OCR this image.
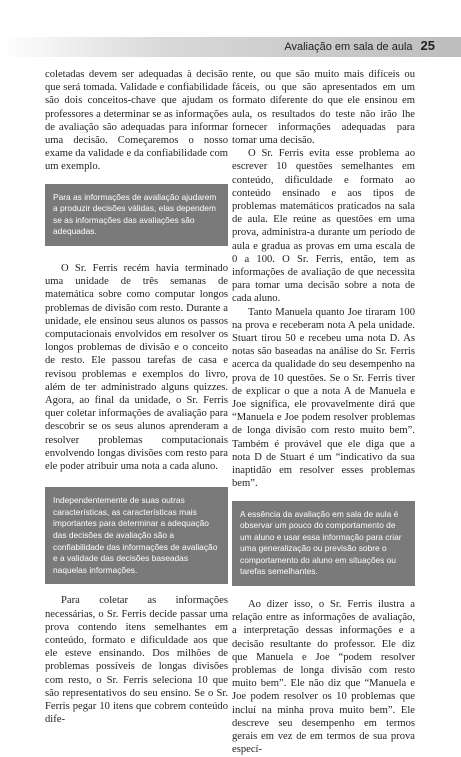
Avaliação em sala de aula 25

coletadas devem ser adequadas à decisão que será tomada. Validade e confiabilidade são dois conceitos-chave que ajudam os professores a determinar se as informações de avaliação são adequadas para informar uma decisão. Começaremos o nosso exame da validade e da confiabilidade com um exemplo.

Para as informações de avaliação ajudarem a produzir decisões válidas, elas dependem se as informações das avaliações são adequadas.

O Sr. Ferris recém havia terminado uma unidade de três semanas de matemática sobre como computar longos problemas de divisão com resto. Durante a unidade, ele ensinou seus alunos os passos computacionais envolvidos em resolver os longos problemas de divisão e o conceito de resto. Ele passou tarefas de casa e revisou problemas e exemplos do livro, além de ter administrado alguns quizzes. Agora, ao final da unidade, o Sr. Ferris quer coletar informações de avaliação para descobrir se os seus alunos aprenderam a resolver problemas computacionais envolvendo longas divisões com resto para ele poder atribuir uma nota a cada aluno.

Independentemente de suas outras características, as características mais importantes para determinar a adequação das decisões de avaliação são a confiabilidade das informações de avaliação e a validade das decisões baseadas naquelas informações.

Para coletar as informações necessárias, o Sr. Ferris decide passar uma prova contendo itens semelhantes em conteúdo, formato e dificuldade aos que ele esteve ensinando. Dos milhões de problemas possíveis de longas divisões com resto, o Sr. Ferris seleciona 10 que são representativos do seu ensino. Se o Sr. Ferris pegar 10 itens que cobrem conteúdo dife-

rente, ou que são muito mais difíceis ou fáceis, ou que são apresentados em um formato diferente do que ele ensinou em aula, os resultados do teste não irão lhe fornecer informações adequadas para tomar uma decisão.

O Sr. Ferris evita esse problema ao escrever 10 questões semelhantes em conteúdo, dificuldade e formato ao conteúdo ensinado e aos tipos de problemas matemáticos praticados na sala de aula. Ele reúne as questões em uma prova, administra-a durante um período de aula e gradua as provas em uma escala de 0 a 100. O Sr. Ferris, então, tem as informações de avaliação de que necessita para tomar uma decisão sobre a nota de cada aluno.

Tanto Manuela quanto Joe tiraram 100 na prova e receberam nota A pela unidade. Stuart tirou 50 e recebeu uma nota D. As notas são baseadas na análise do Sr. Ferris acerca da qualidade do seu desempenho na prova de 10 questões. Se o Sr. Ferris tiver de explicar o que a nota A de Manuela e Joe significa, ele provavelmente dirá que “Manuela e Joe podem resolver problemas de longa divisão com resto muito bem”. Também é provável que ele diga que a nota D de Stuart é um “indicativo da sua inaptidão em resolver esses problemas bem”.

A essência da avaliação em sala de aula é observar um pouco do comportamento de um aluno e usar essa informação para criar uma generalização ou previsão sobre o comportamento do aluno em situações ou tarefas semelhantes.

Ao dizer isso, o Sr. Ferris ilustra a relação entre as informações de avaliação, a interpretação dessas informações e a decisão resultante do professor. Ele diz que Manuela e Joe “podem resolver problemas de longa divisão com resto muito bem”. Ele não diz que “Manuela e Joe podem resolver os 10 problemas que incluí na minha prova muito bem”. Ele descreve seu desempenho em termos gerais em vez de em termos de sua prova especí-
